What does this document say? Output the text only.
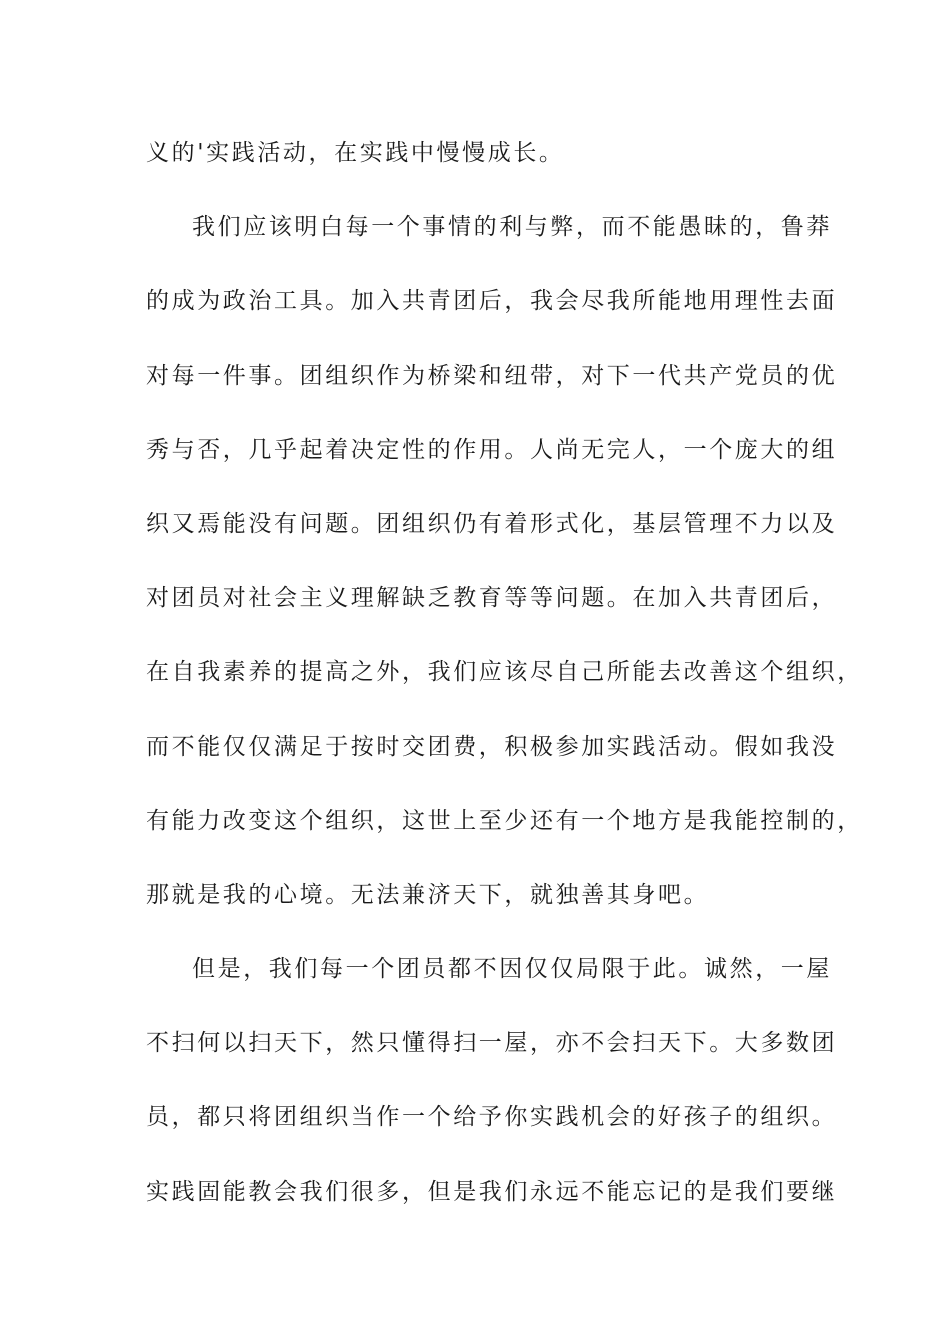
义的'实践活动，在实践中慢慢成长。
我们应该明白每一个事情的利与弊，而不能愚昧的，鲁莽
的成为政治工具。加入共青团后，我会尽我所能地用理性去面
对每一件事。团组织作为桥梁和纽带，对下一代共产党员的优
秀与否，几乎起着决定性的作用。人尚无完人，一个庞大的组
织又焉能没有问题。团组织仍有着形式化，基层管理不力以及
对团员对社会主义理解缺乏教育等等问题。在加入共青团后，
在自我素养的提高之外，我们应该尽自己所能去改善这个组织，
而不能仅仅满足于按时交团费，积极参加实践活动。假如我没
有能力改变这个组织，这世上至少还有一个地方是我能控制的，
那就是我的心境。无法兼济天下，就独善其身吧。
但是，我们每一个团员都不因仅仅局限于此。诚然，一屋
不扫何以扫天下，然只懂得扫一屋，亦不会扫天下。大多数团
员，都只将团组织当作一个给予你实践机会的好孩子的组织。
实践固能教会我们很多，但是我们永远不能忘记的是我们要继
